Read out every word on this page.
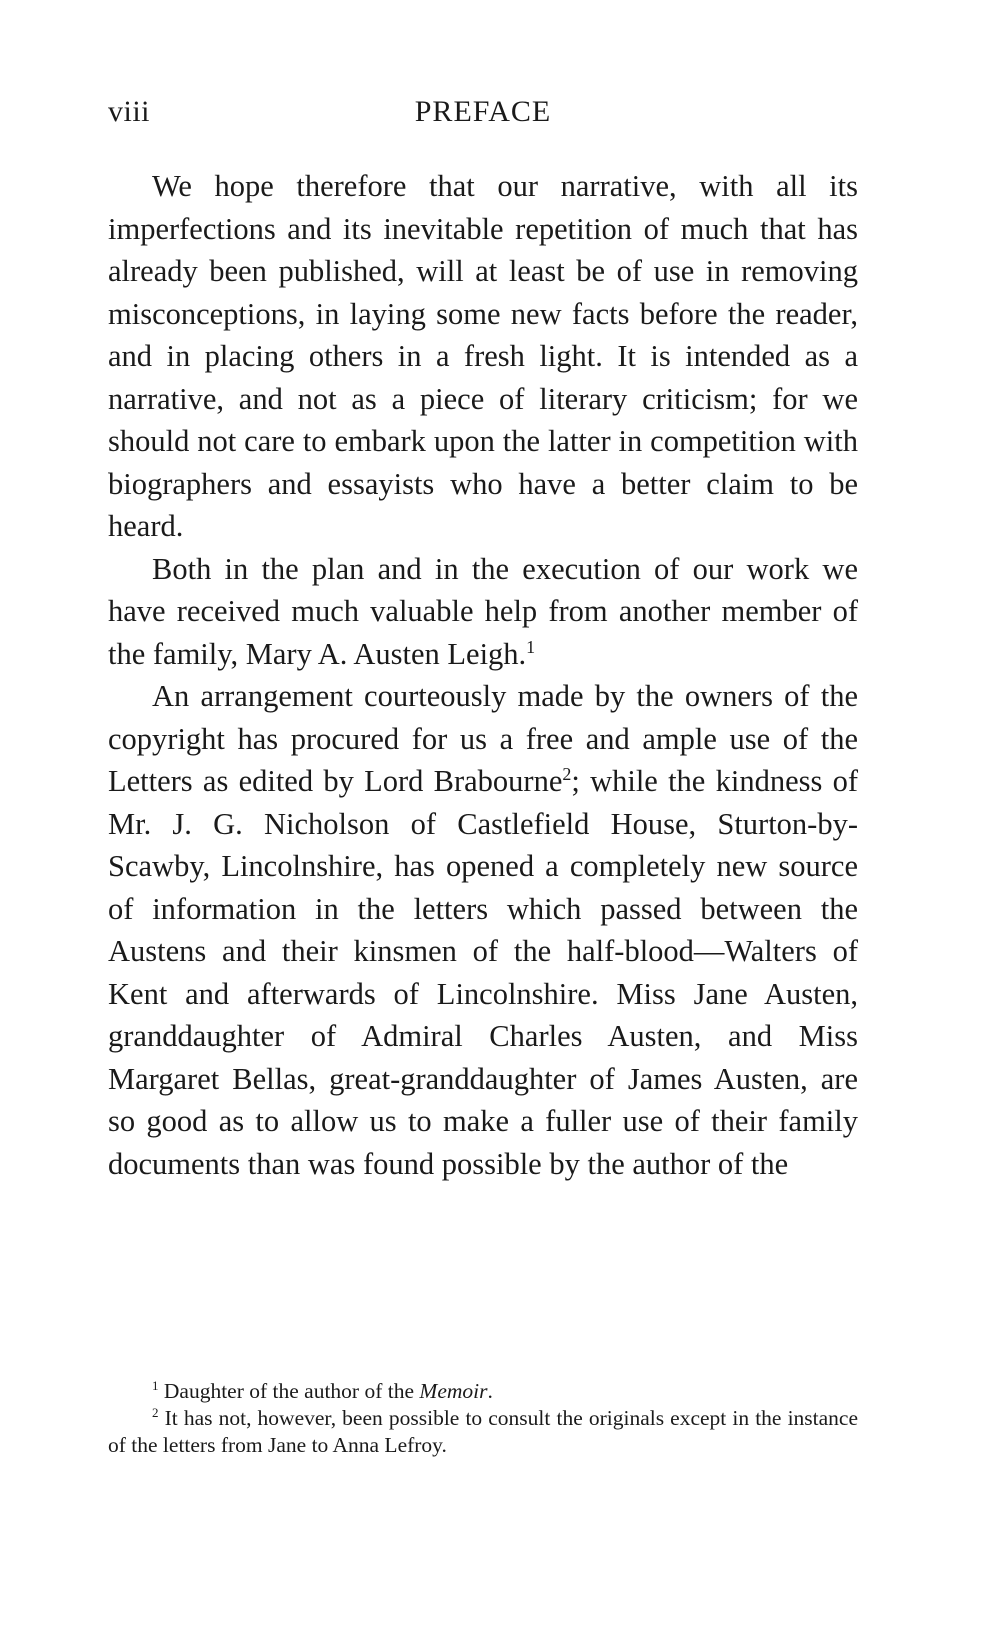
viii	PREFACE

We hope therefore that our narrative, with all its imperfections and its inevitable repetition of much that has already been published, will at least be of use in removing misconceptions, in laying some new facts before the reader, and in placing others in a fresh light. It is intended as a narrative, and not as a piece of literary criticism; for we should not care to embark upon the latter in competition with biographers and essayists who have a better claim to be heard.

Both in the plan and in the execution of our work we have received much valuable help from another member of the family, Mary A. Austen Leigh.$^1$

An arrangement courteously made by the owners of the copyright has procured for us a free and ample use of the Letters as edited by Lord Brabourne$^2$; while the kindness of Mr. J. G. Nicholson of Castlefield House, Sturton-by-Scawby, Lincolnshire, has opened a completely new source of information in the letters which passed between the Austens and their kinsmen of the half-blood—Walters of Kent and afterwards of Lincolnshire. Miss Jane Austen, granddaughter of Admiral Charles Austen, and Miss Margaret Bellas, great-granddaughter of James Austen, are so good as to allow us to make a fuller use of their family documents than was found possible by the author of the

$^1$ Daughter of the author of the Memoir.

$^2$ It has not, however, been possible to consult the originals except in the instance of the letters from Jane to Anna Lefroy.
